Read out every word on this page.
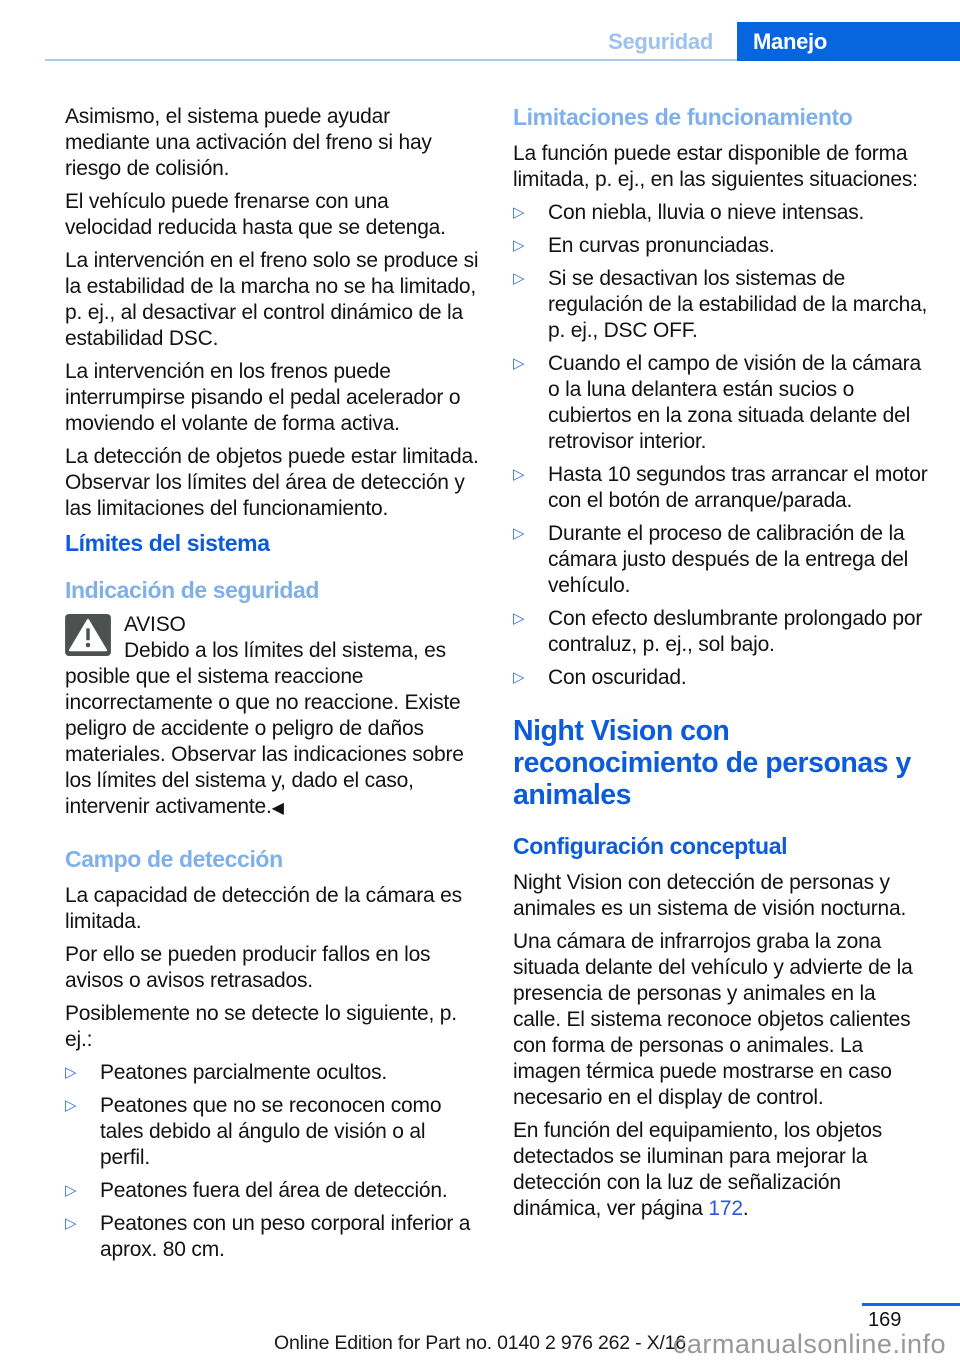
Seguridad Manejo

Asimismo, el sistema puede ayudar mediante una activación del freno si hay riesgo de colisión.

El vehículo puede frenarse con una velocidad reducida hasta que se detenga.

La intervención en el freno solo se produce si la estabilidad de la marcha no se ha limitado, p. ej., al desactivar el control dinámico de la estabilidad DSC.

La intervención en los frenos puede interrumpirse pisando el pedal acelerador o moviendo el volante de forma activa.

La detección de objetos puede estar limitada. Observar los límites del área de detección y las limitaciones del funcionamiento.

Límites del sistema
Indicación de seguridad
AVISO

Debido a los límites del sistema, es posible que el sistema reaccione incorrectamente o que no reaccione. Existe peligro de accidente o peligro de daños materiales. Observar las indicaciones sobre los límites del sistema y, dado el caso, intervenir activamente.◀

Campo de detección

La capacidad de detección de la cámara es limitada.

Por ello se pueden producir fallos en los avisos o avisos retrasados.

Posiblemente no se detecte lo siguiente, p. ej.:

▷ Peatones parcialmente ocultos.
▷ Peatones que no se reconocen como tales debido al ángulo de visión o al perfil.
▷ Peatones fuera del área de detección.
▷ Peatones con un peso corporal inferior a aprox. 80 cm.
Limitaciones de funcionamiento

La función puede estar disponible de forma limitada, p. ej., en las siguientes situaciones:

▷ Con niebla, lluvia o nieve intensas.
▷ En curvas pronunciadas.
▷ Si se desactivan los sistemas de regulación de la estabilidad de la marcha, p. ej., DSC OFF.
▷ Cuando el campo de visión de la cámara o la luna delantera están sucios o cubiertos en la zona situada delante del retrovisor interior.
▷ Hasta 10 segundos tras arrancar el motor con el botón de arranque/parada.
▷ Durante el proceso de calibración de la cámara justo después de la entrega del vehículo.
▷ Con efecto deslumbrante prolongado por contraluz, p. ej., sol bajo.
▷ Con oscuridad.
Night Vision con reconocimiento de personas y animales
Configuración conceptual

Night Vision con detección de personas y animales es un sistema de visión nocturna.

Una cámara de infrarrojos graba la zona situada delante del vehículo y advierte de la presencia de personas y animales en la calle. El sistema reconoce objetos calientes con forma de personas o animales. La imagen térmica puede mostrarse en caso necesario en el display de control.

En función del equipamiento, los objetos detectados se iluminan para mejorar la detección con la luz de señalización dinámica, ver página 172.

169
Online Edition for Part no. 0140 2 976 262 - X/16
carmanualsonline.info
